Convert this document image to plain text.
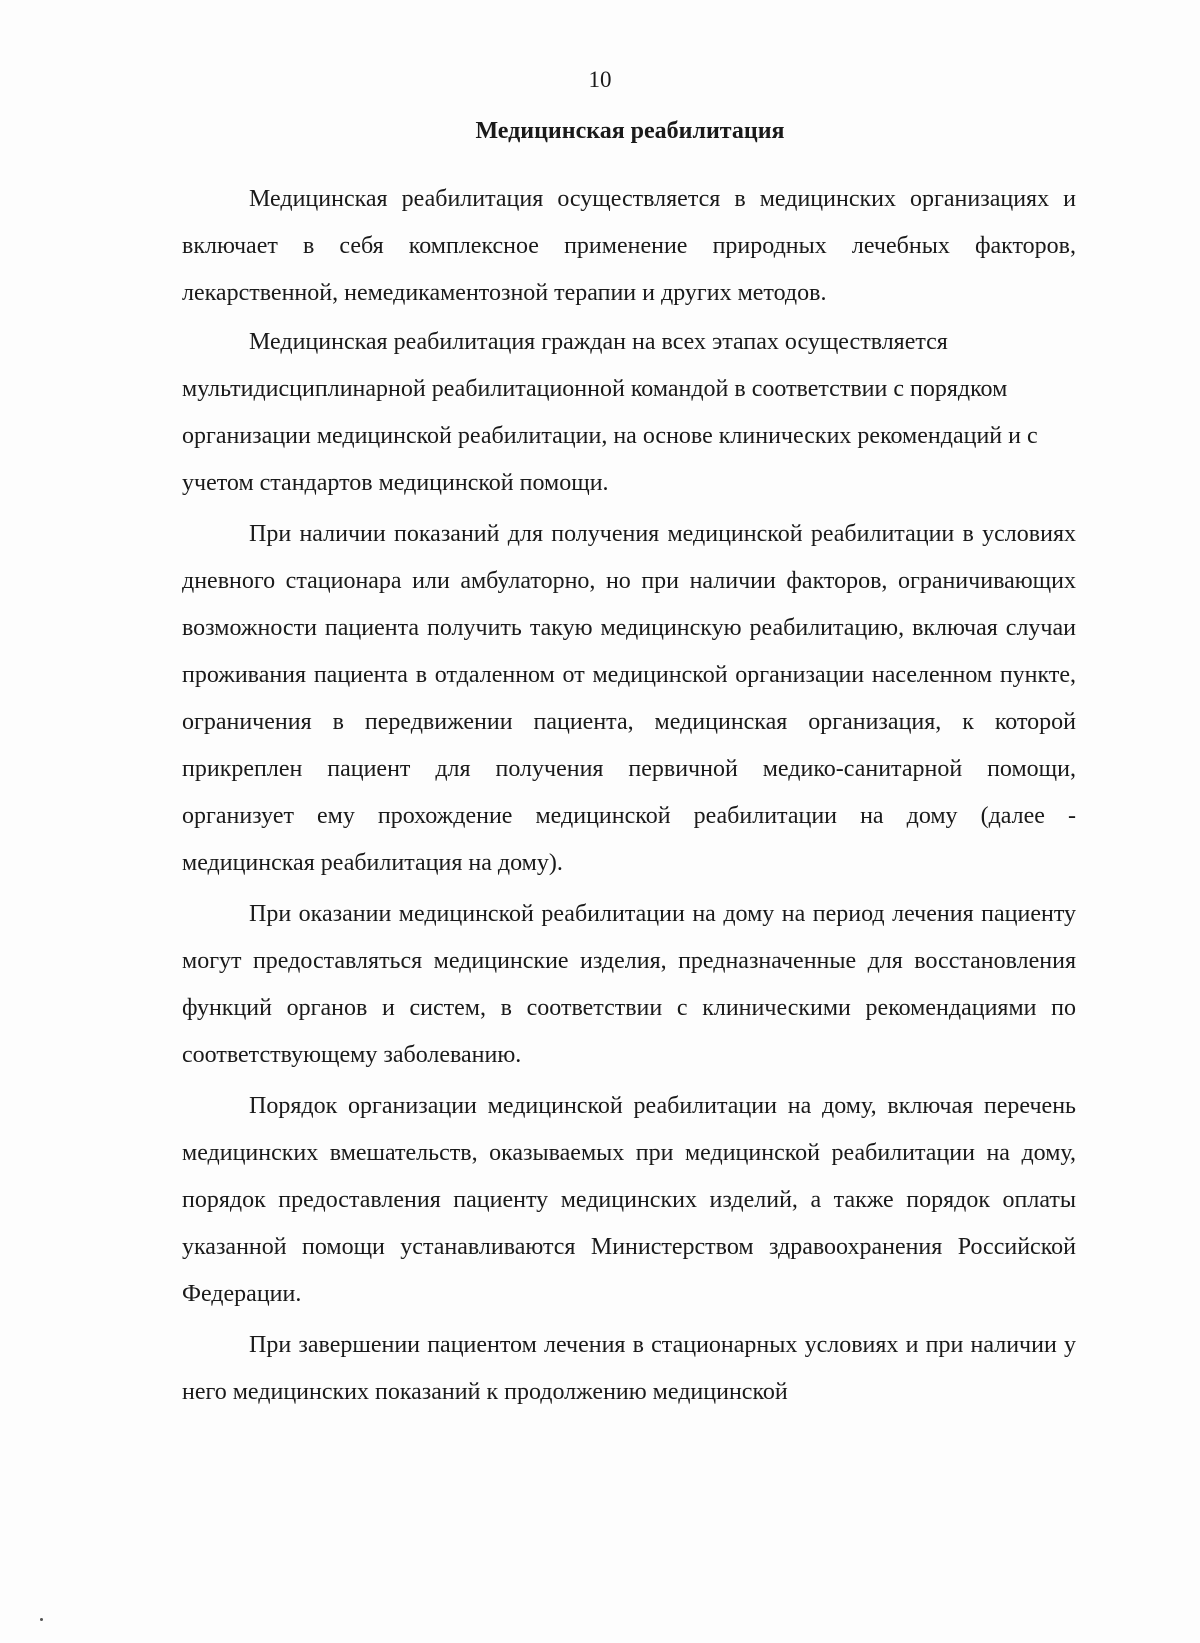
10
Медицинская реабилитация

Медицинская реабилитация осуществляется в медицинских организациях и включает в себя комплексное применение природных лечебных факторов, лекарственной, немедикаментозной терапии и других методов.

Медицинская реабилитация граждан на всех этапах осуществляется мультидисциплинарной реабилитационной командой в соответствии с порядком организации медицинской реабилитации, на основе клинических рекомендаций и с учетом стандартов медицинской помощи.

При наличии показаний для получения медицинской реабилитации в условиях дневного стационара или амбулаторно, но при наличии факторов, ограничивающих возможности пациента получить такую медицинскую реабилитацию, включая случаи проживания пациента в отдаленном от медицинской организации населенном пункте, ограничения в передвижении пациента, медицинская организация, к которой прикреплен пациент для получения первичной медико-санитарной помощи, организует ему прохождение медицинской реабилитации на дому (далее - медицинская реабилитация на дому).

При оказании медицинской реабилитации на дому на период лечения пациенту могут предоставляться медицинские изделия, предназначенные для восстановления функций органов и систем, в соответствии с клиническими рекомендациями по соответствующему заболеванию.

Порядок организации медицинской реабилитации на дому, включая перечень медицинских вмешательств, оказываемых при медицинской реабилитации на дому, порядок предоставления пациенту медицинских изделий, а также порядок оплаты указанной помощи устанавливаются Министерством здравоохранения Российской Федерации.

При завершении пациентом лечения в стационарных условиях и при наличии у него медицинских показаний к продолжению медицинской
